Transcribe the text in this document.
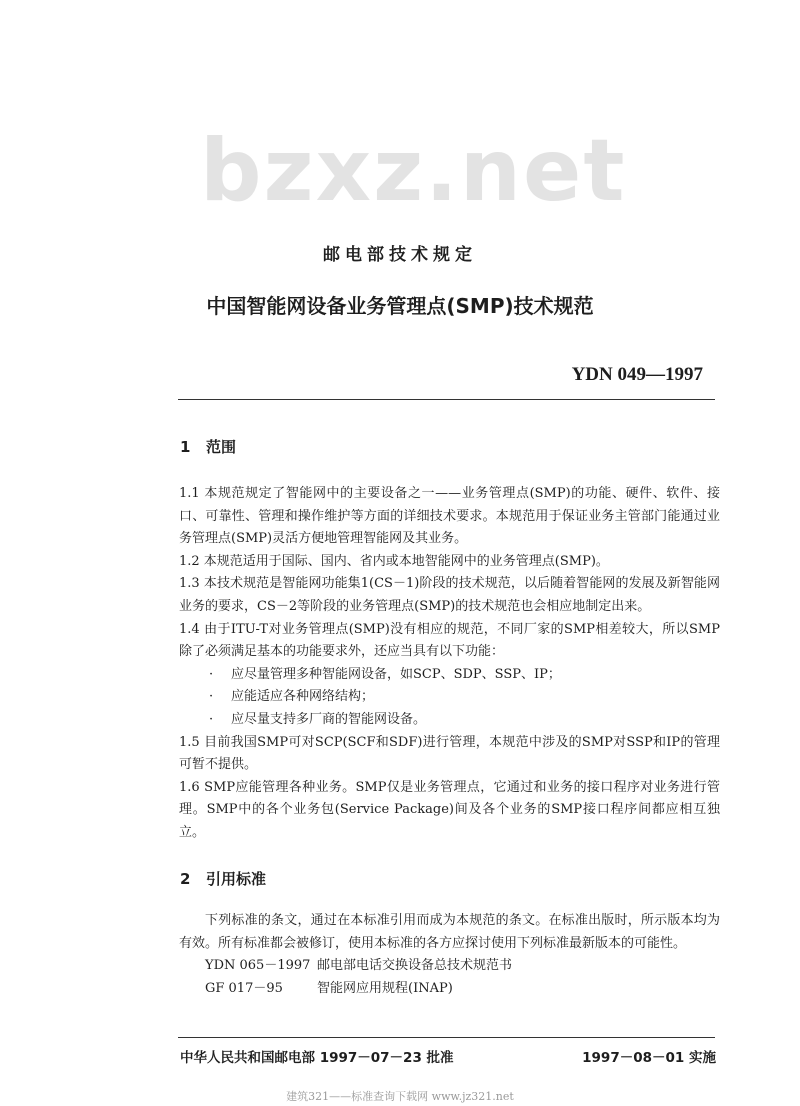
bzxz.net
邮电部技术规定
中国智能网设备业务管理点(SMP)技术规范
YDN 049—1997
1 范围

1.1 本规范规定了智能网中的主要设备之一——业务管理点(SMP)的功能、硬件、软件、接口、可靠性、管理和操作维护等方面的详细技术要求。本规范用于保证业务主管部门能通过业务管理点(SMP)灵活方便地管理智能网及其业务。

1.2 本规范适用于国际、国内、省内或本地智能网中的业务管理点(SMP)。

1.3 本技术规范是智能网功能集1(CS－1)阶段的技术规范，以后随着智能网的发展及新智能网业务的要求，CS－2等阶段的业务管理点(SMP)的技术规范也会相应地制定出来。

1.4 由于ITU-T对业务管理点(SMP)没有相应的规范，不同厂家的SMP相差较大，所以SMP除了必须满足基本的功能要求外，还应当具有以下功能：

· 应尽量管理多种智能网设备，如SCP、SDP、SSP、IP；

· 应能适应各种网络结构；

· 应尽量支持多厂商的智能网设备。

1.5 目前我国SMP可对SCP(SCF和SDF)进行管理，本规范中涉及的SMP对SSP和IP的管理可暂不提供。

1.6 SMP应能管理各种业务。SMP仅是业务管理点，它通过和业务的接口程序对业务进行管理。SMP中的各个业务包(Service Package)间及各个业务的SMP接口程序间都应相互独立。

2 引用标准

下列标准的条文，通过在本标准引用而成为本规范的条文。在标准出版时，所示版本均为有效。所有标准都会被修订，使用本标准的各方应探讨使用下列标准最新版本的可能性。

YDN 065－1997 邮电部电话交换设备总技术规范书

GF 017－95	智能网应用规程(INAP)

中华人民共和国邮电部 1997－07－23 批准	1997－08－01 实施
建筑321——标准查询下载网 www.jz321.net
